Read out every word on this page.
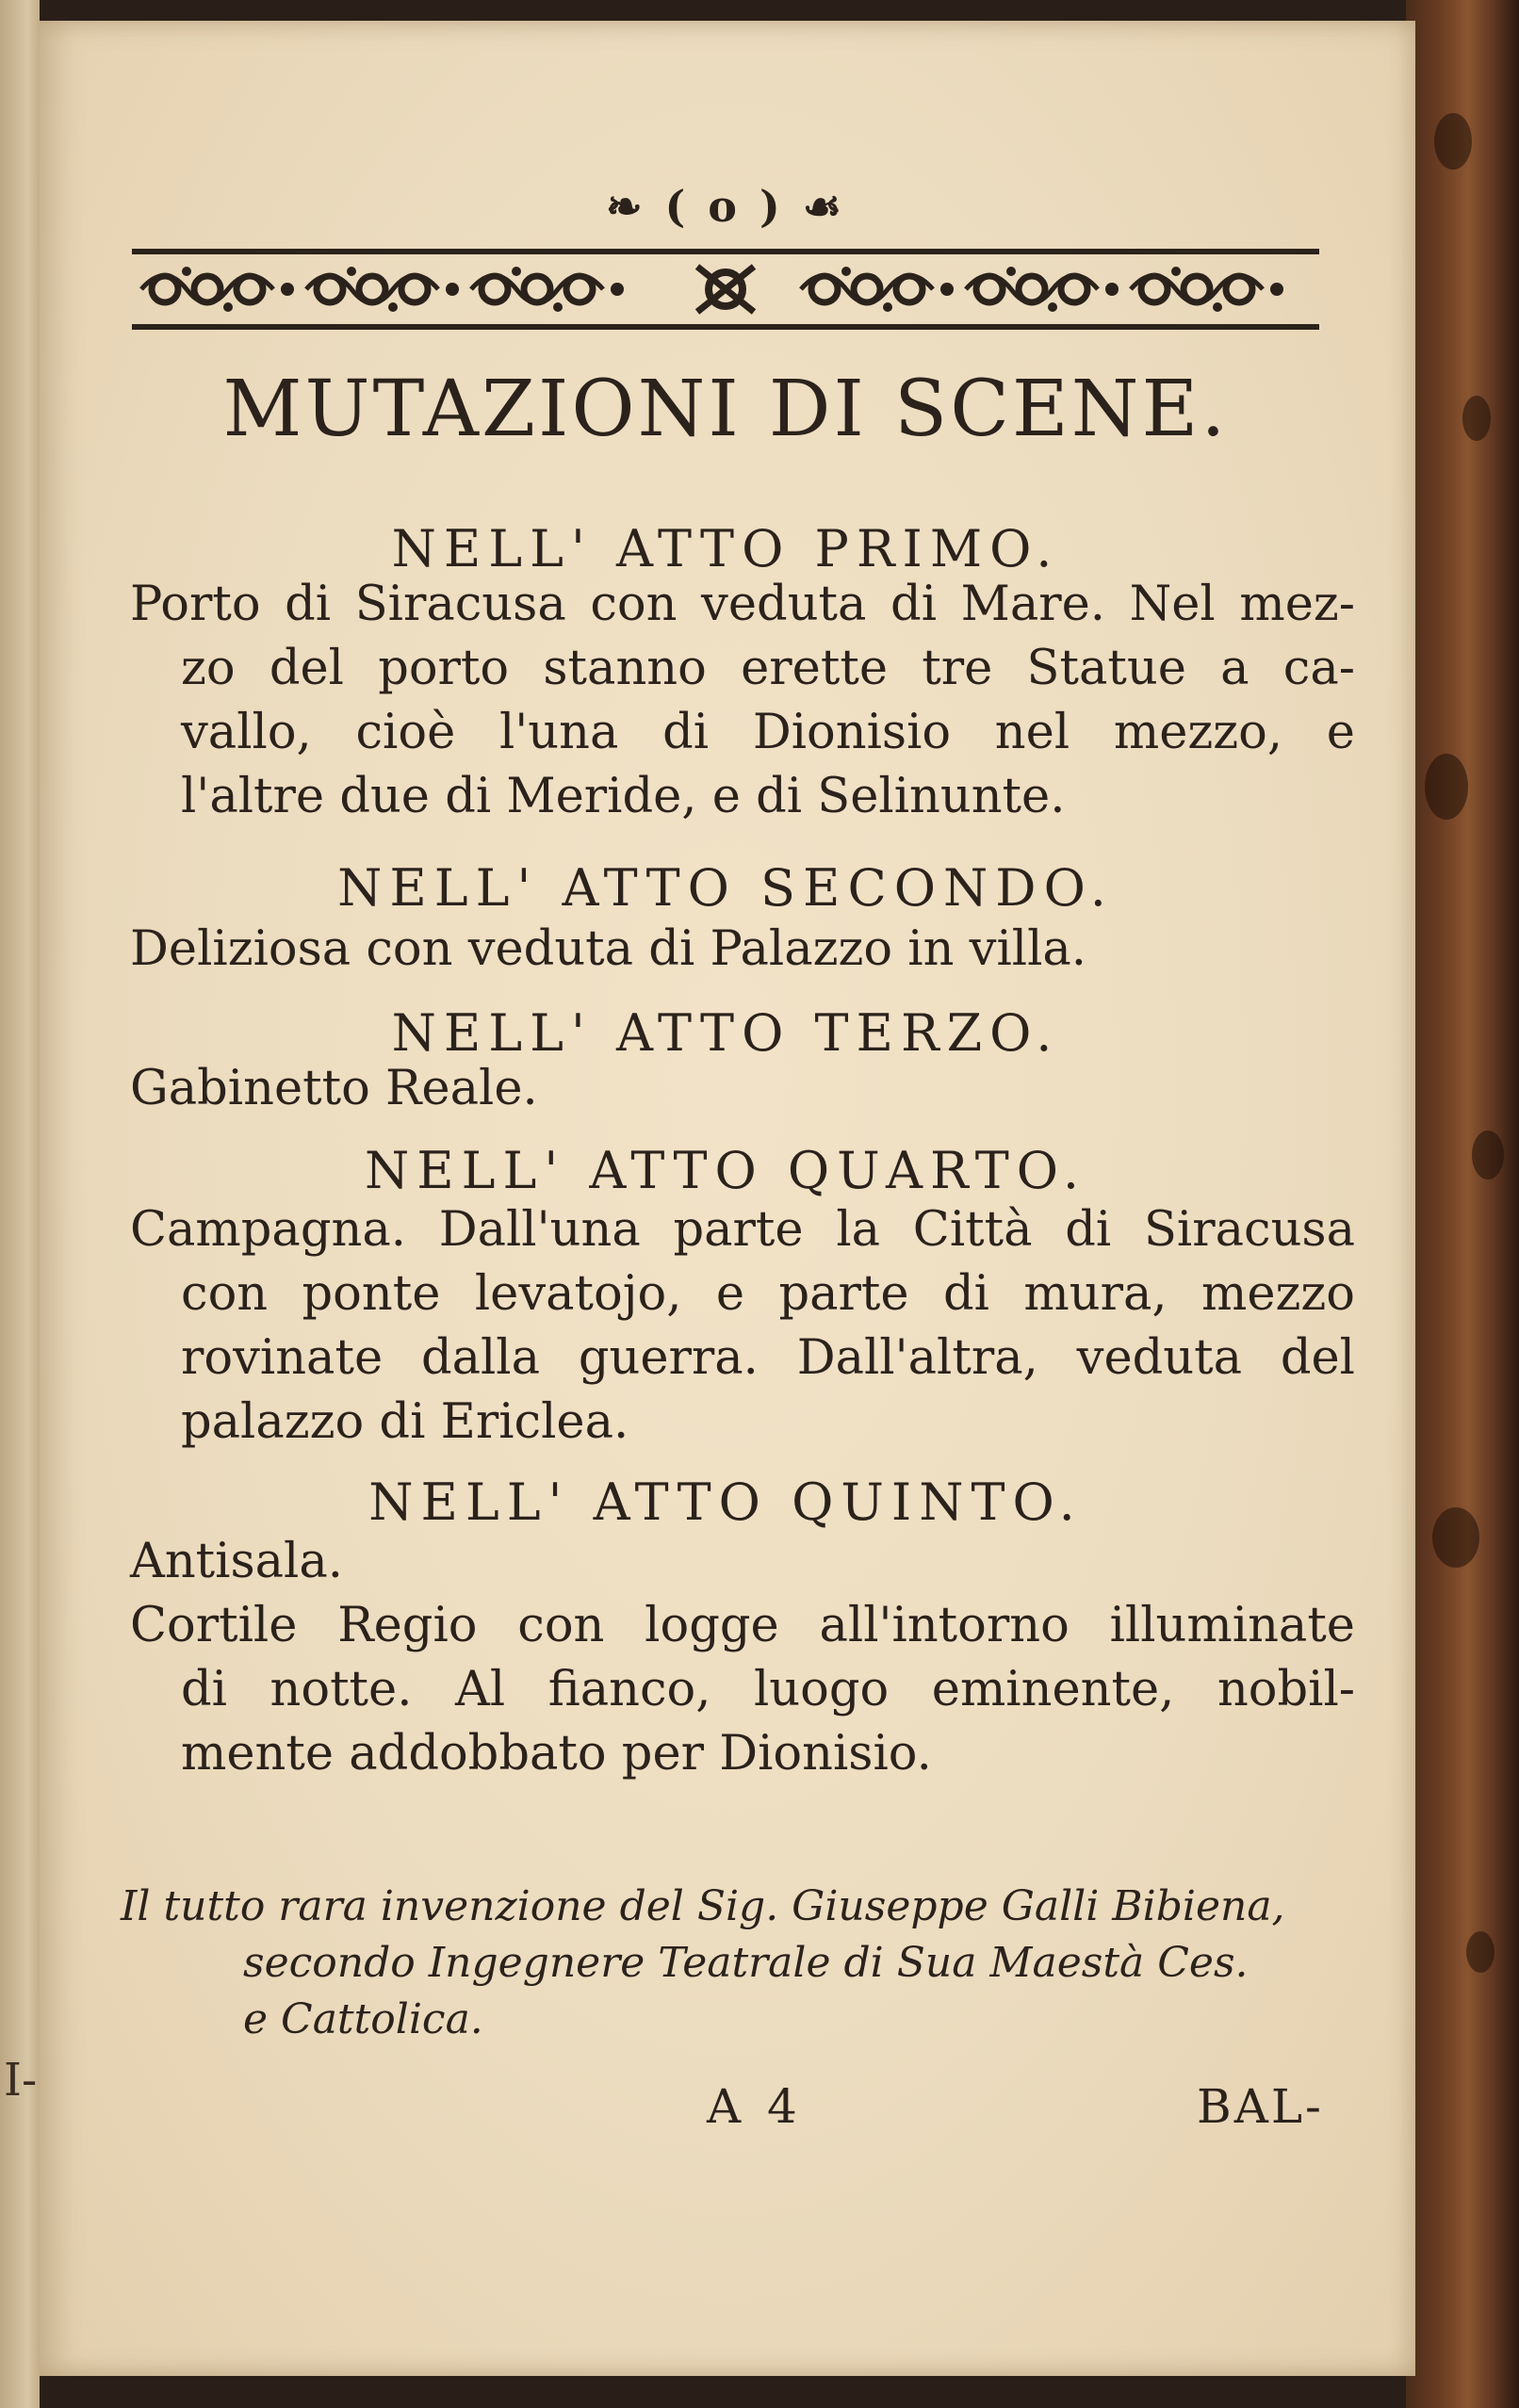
I-
❧ ( o ) ☙
MUTAZIONI DI SCENE.
NELL' ATTO PRIMO.
Porto di Siracusa con veduta di Mare. Nel mez-
zo del porto stanno erette tre Statue a ca-
vallo, cioè l'una di Dionisio nel mezzo, e
l'altre due di Meride, e di Selinunte.
NELL' ATTO SECONDO.
Deliziosa con veduta di Palazzo in villa.
NELL' ATTO TERZO.
Gabinetto Reale.
NELL' ATTO QUARTO.
Campagna. Dall'una parte la Città di Siracusa
con ponte levatojo, e parte di mura, mezzo
rovinate dalla guerra. Dall'altra, veduta del
palazzo di Ericlea.
NELL' ATTO QUINTO.
Antisala.
Cortile Regio con logge all'intorno illuminate
di notte. Al fianco, luogo eminente, nobil-
mente addobbato per Dionisio.
Il tutto rara invenzione del Sig. Giuseppe Galli Bibiena,
secondo Ingegnere Teatrale di Sua Maestà Ces.
e Cattolica.
A 4	BAL-
